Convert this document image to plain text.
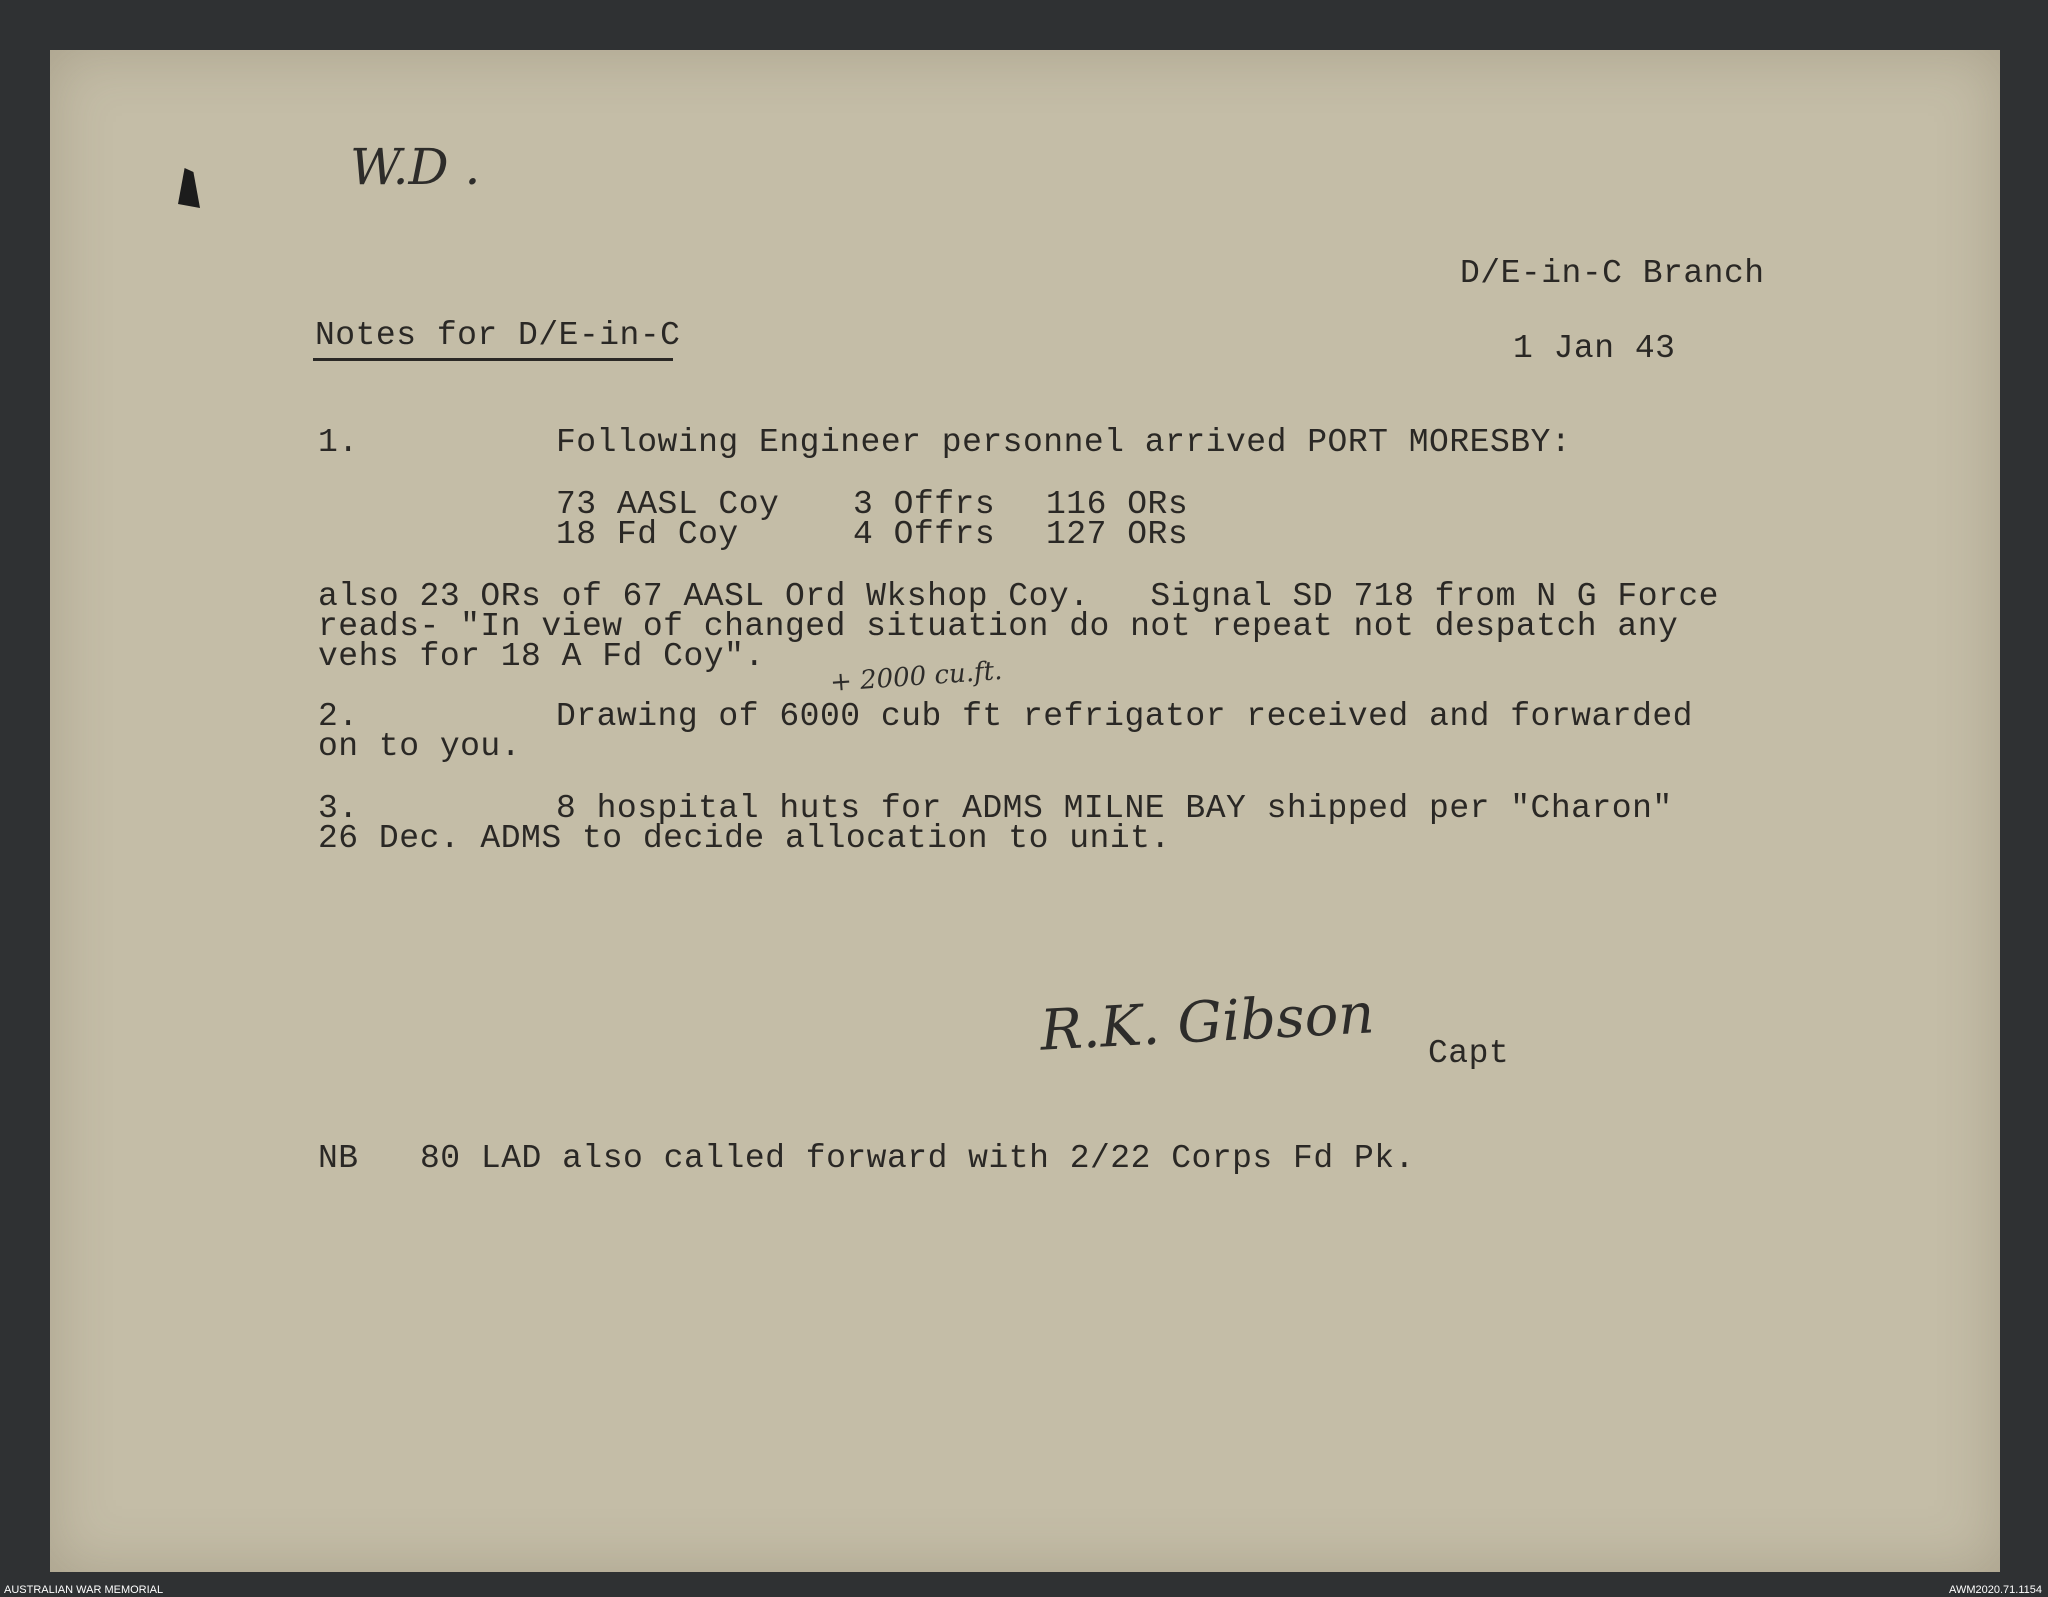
W.D .
D/E-in-C Branch
Notes for D/E-in-C	1 Jan 43
1.	Following Engineer personnel arrived PORT MORESBY:
73 AASL Coy 3 Offrs 116 ORs
18 Fd Coy	4 Offrs 127 ORs
also 23 ORs of 67 AASL Ord Wkshop Coy.   Signal SD 718 from N G Force
reads- "In view of changed situation do not repeat not despatch any
vehs for 18 A Fd Coy". + 2000 cu.ft.
2.	Drawing of 6000 cub ft refrigator received and forwarded
on to you.
3.	8 hospital huts for ADMS MILNE BAY shipped per "Charon"
26 Dec. ADMS to decide allocation to unit.
R.K. Gibson Capt
NB 80 LAD also called forward with 2/22 Corps Fd Pk.
AUSTRALIAN WAR MEMORIAL	AWM2020.71.1154
